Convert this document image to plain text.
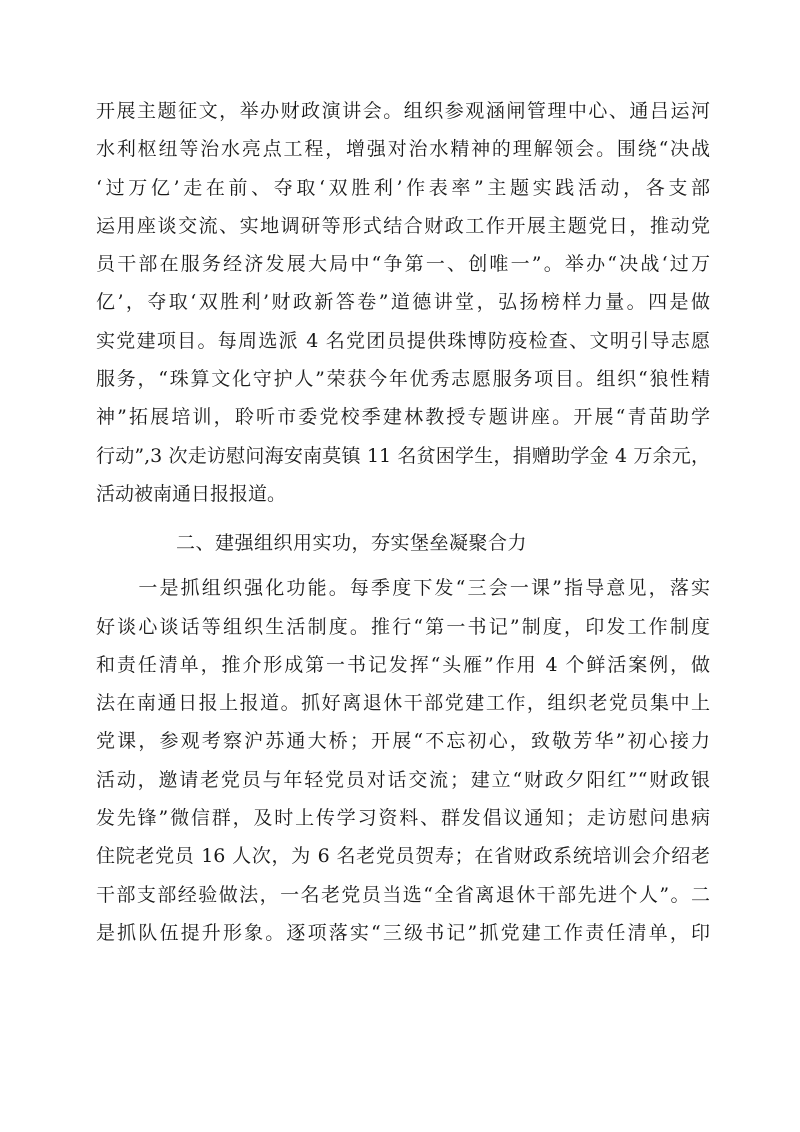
开展主题征文，举办财政演讲会。组织参观涵闸管理中心、通吕运河
水利枢纽等治水亮点工程，增强对治水精神的理解领会。围绕“决战
‘过万亿’走在前、夺取‘双胜利’作表率”主题实践活动，各支部
运用座谈交流、实地调研等形式结合财政工作开展主题党日，推动党
员干部在服务经济发展大局中“争第一、创唯一”。举办“决战‘过万
亿’，夺取‘双胜利’财政新答卷”道德讲堂，弘扬榜样力量。四是做
实党建项目。每周选派 4 名党团员提供珠博防疫检查、文明引导志愿
服务，“珠算文化守护人”荣获今年优秀志愿服务项目。组织“狼性精
神”拓展培训，聆听市委党校季建林教授专题讲座。开展“青苗助学
行动”,3 次走访慰问海安南莫镇 11 名贫困学生，捐赠助学金 4 万余元，
活动被南通日报报道。
二、建强组织用实功，夯实堡垒凝聚合力
　　一是抓组织强化功能。每季度下发“三会一课”指导意见，落实
好谈心谈话等组织生活制度。推行“第一书记”制度，印发工作制度
和责任清单，推介形成第一书记发挥“头雁”作用 4 个鲜活案例，做
法在南通日报上报道。抓好离退休干部党建工作，组织老党员集中上
党课，参观考察沪苏通大桥；开展“不忘初心，致敬芳华”初心接力
活动，邀请老党员与年轻党员对话交流；建立“财政夕阳红”“财政银
发先锋”微信群，及时上传学习资料、群发倡议通知；走访慰问患病
住院老党员 16 人次，为 6 名老党员贺寿；在省财政系统培训会介绍老
干部支部经验做法，一名老党员当选“全省离退休干部先进个人”。二
是抓队伍提升形象。逐项落实“三级书记”抓党建工作责任清单，印
